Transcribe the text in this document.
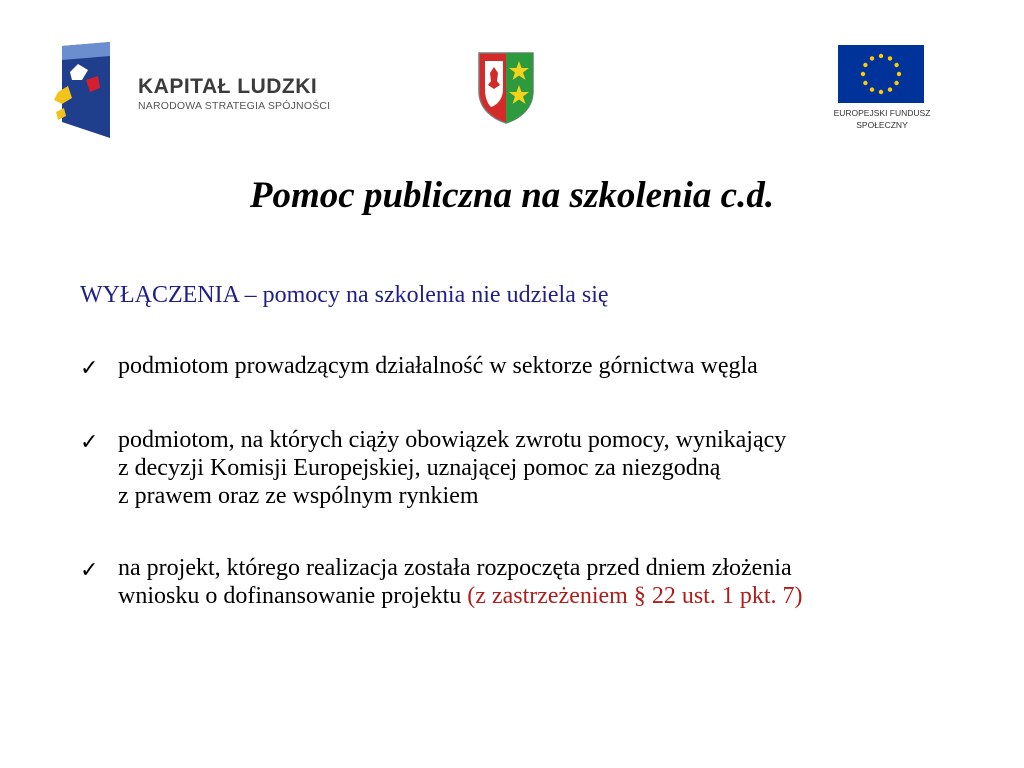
KAPITAŁ LUDZKI
NARODOWA STRATEGIA SPÓJNOŚCI
EUROPEJSKI FUNDUSZ
SPOŁECZNY
Pomoc publiczna na szkolenia c.d.
WYŁĄCZENIA – pomocy na szkolenia nie udziela się
✓ podmiotom prowadzącym działalność w sektorze górnictwa węgla
✓ podmiotom, na których ciąży obowiązek zwrotu pomocy, wynikający
z decyzji Komisji Europejskiej, uznającej pomoc za niezgodną
z prawem oraz ze wspólnym rynkiem
✓ na projekt, którego realizacja została rozpoczęta przed dniem złożenia
wniosku o dofinansowanie projektu (z zastrzeżeniem § 22 ust. 1 pkt. 7)
